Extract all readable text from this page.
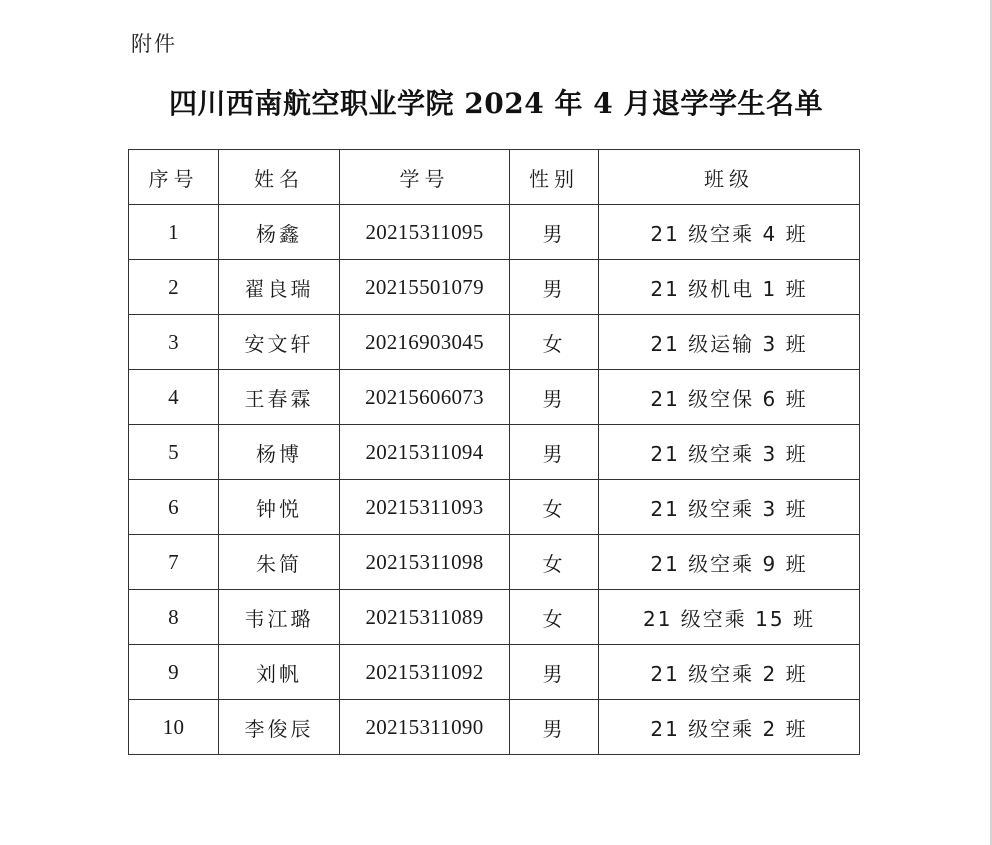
附件
四川西南航空职业学院 2024 年 4 月退学学生名单
序号	姓名	学号	性别	班级
1	杨鑫	20215311095	男	21 级空乘 4 班
2	翟良瑞	20215501079	男	21 级机电 1 班
3	安文轩	20216903045	女	21 级运输 3 班
4	王春霖	20215606073	男	21 级空保 6 班
5	杨博	20215311094	男	21 级空乘 3 班
6	钟悦	20215311093	女	21 级空乘 3 班
7	朱简	20215311098	女	21 级空乘 9 班
8	韦江璐	20215311089	女	21 级空乘 15 班
9	刘帆	20215311092	男	21 级空乘 2 班
10	李俊辰	20215311090	男	21 级空乘 2 班
